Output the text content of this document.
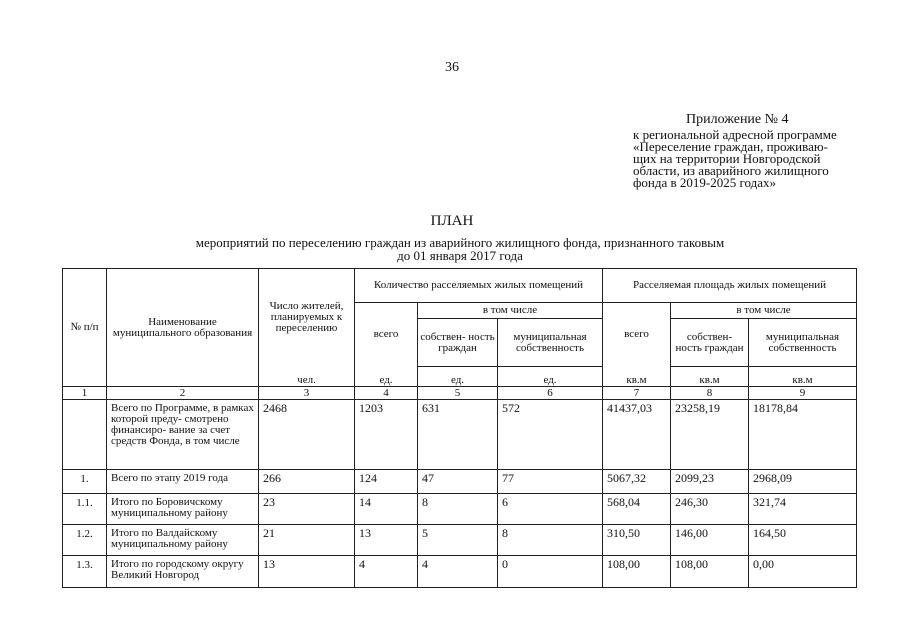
36
Приложение № 4
к региональной адресной программе
«Переселение граждан, проживаю-
щих на территории Новгородской
области, из аварийного жилищного
фонда в 2019-2025 годах»
ПЛАН
мероприятий по переселению граждан из аварийного жилищного фонда, признанного таковым
до 01 января 2017 года
№ п/п	Наименование муниципального образования	Число жителей, планируемых к переселению	Количество расселяемых жилых помещений			Расселяемая площадь жилых помещений		
			всего	в том числе		всего	в том числе	
				собствен- ность граждан	муниципальная собственность		собствен- ность граждан	муниципальная собственность
		чел.	ед.	ед.	ед.	кв.м	кв.м	кв.м
1	2	3	4	5	6	7	8	9
	Всего по Программе, в рамках которой преду- смотрено финансиро- вание за счет средств Фонда, в том числе	2468	1203	631	572	41437,03	23258,19	18178,84
1.	Всего по этапу 2019 года	266	124	47	77	5067,32	2099,23	2968,09
1.1.	Итого по Боровичскому муниципальному району	23	14	8	6	568,04	246,30	321,74
1.2.	Итого по Валдайскому муниципальному району	21	13	5	8	310,50	146,00	164,50
1.3.	Итого по городскому округу Великий Новгород	13	4	4	0	108,00	108,00	0,00
